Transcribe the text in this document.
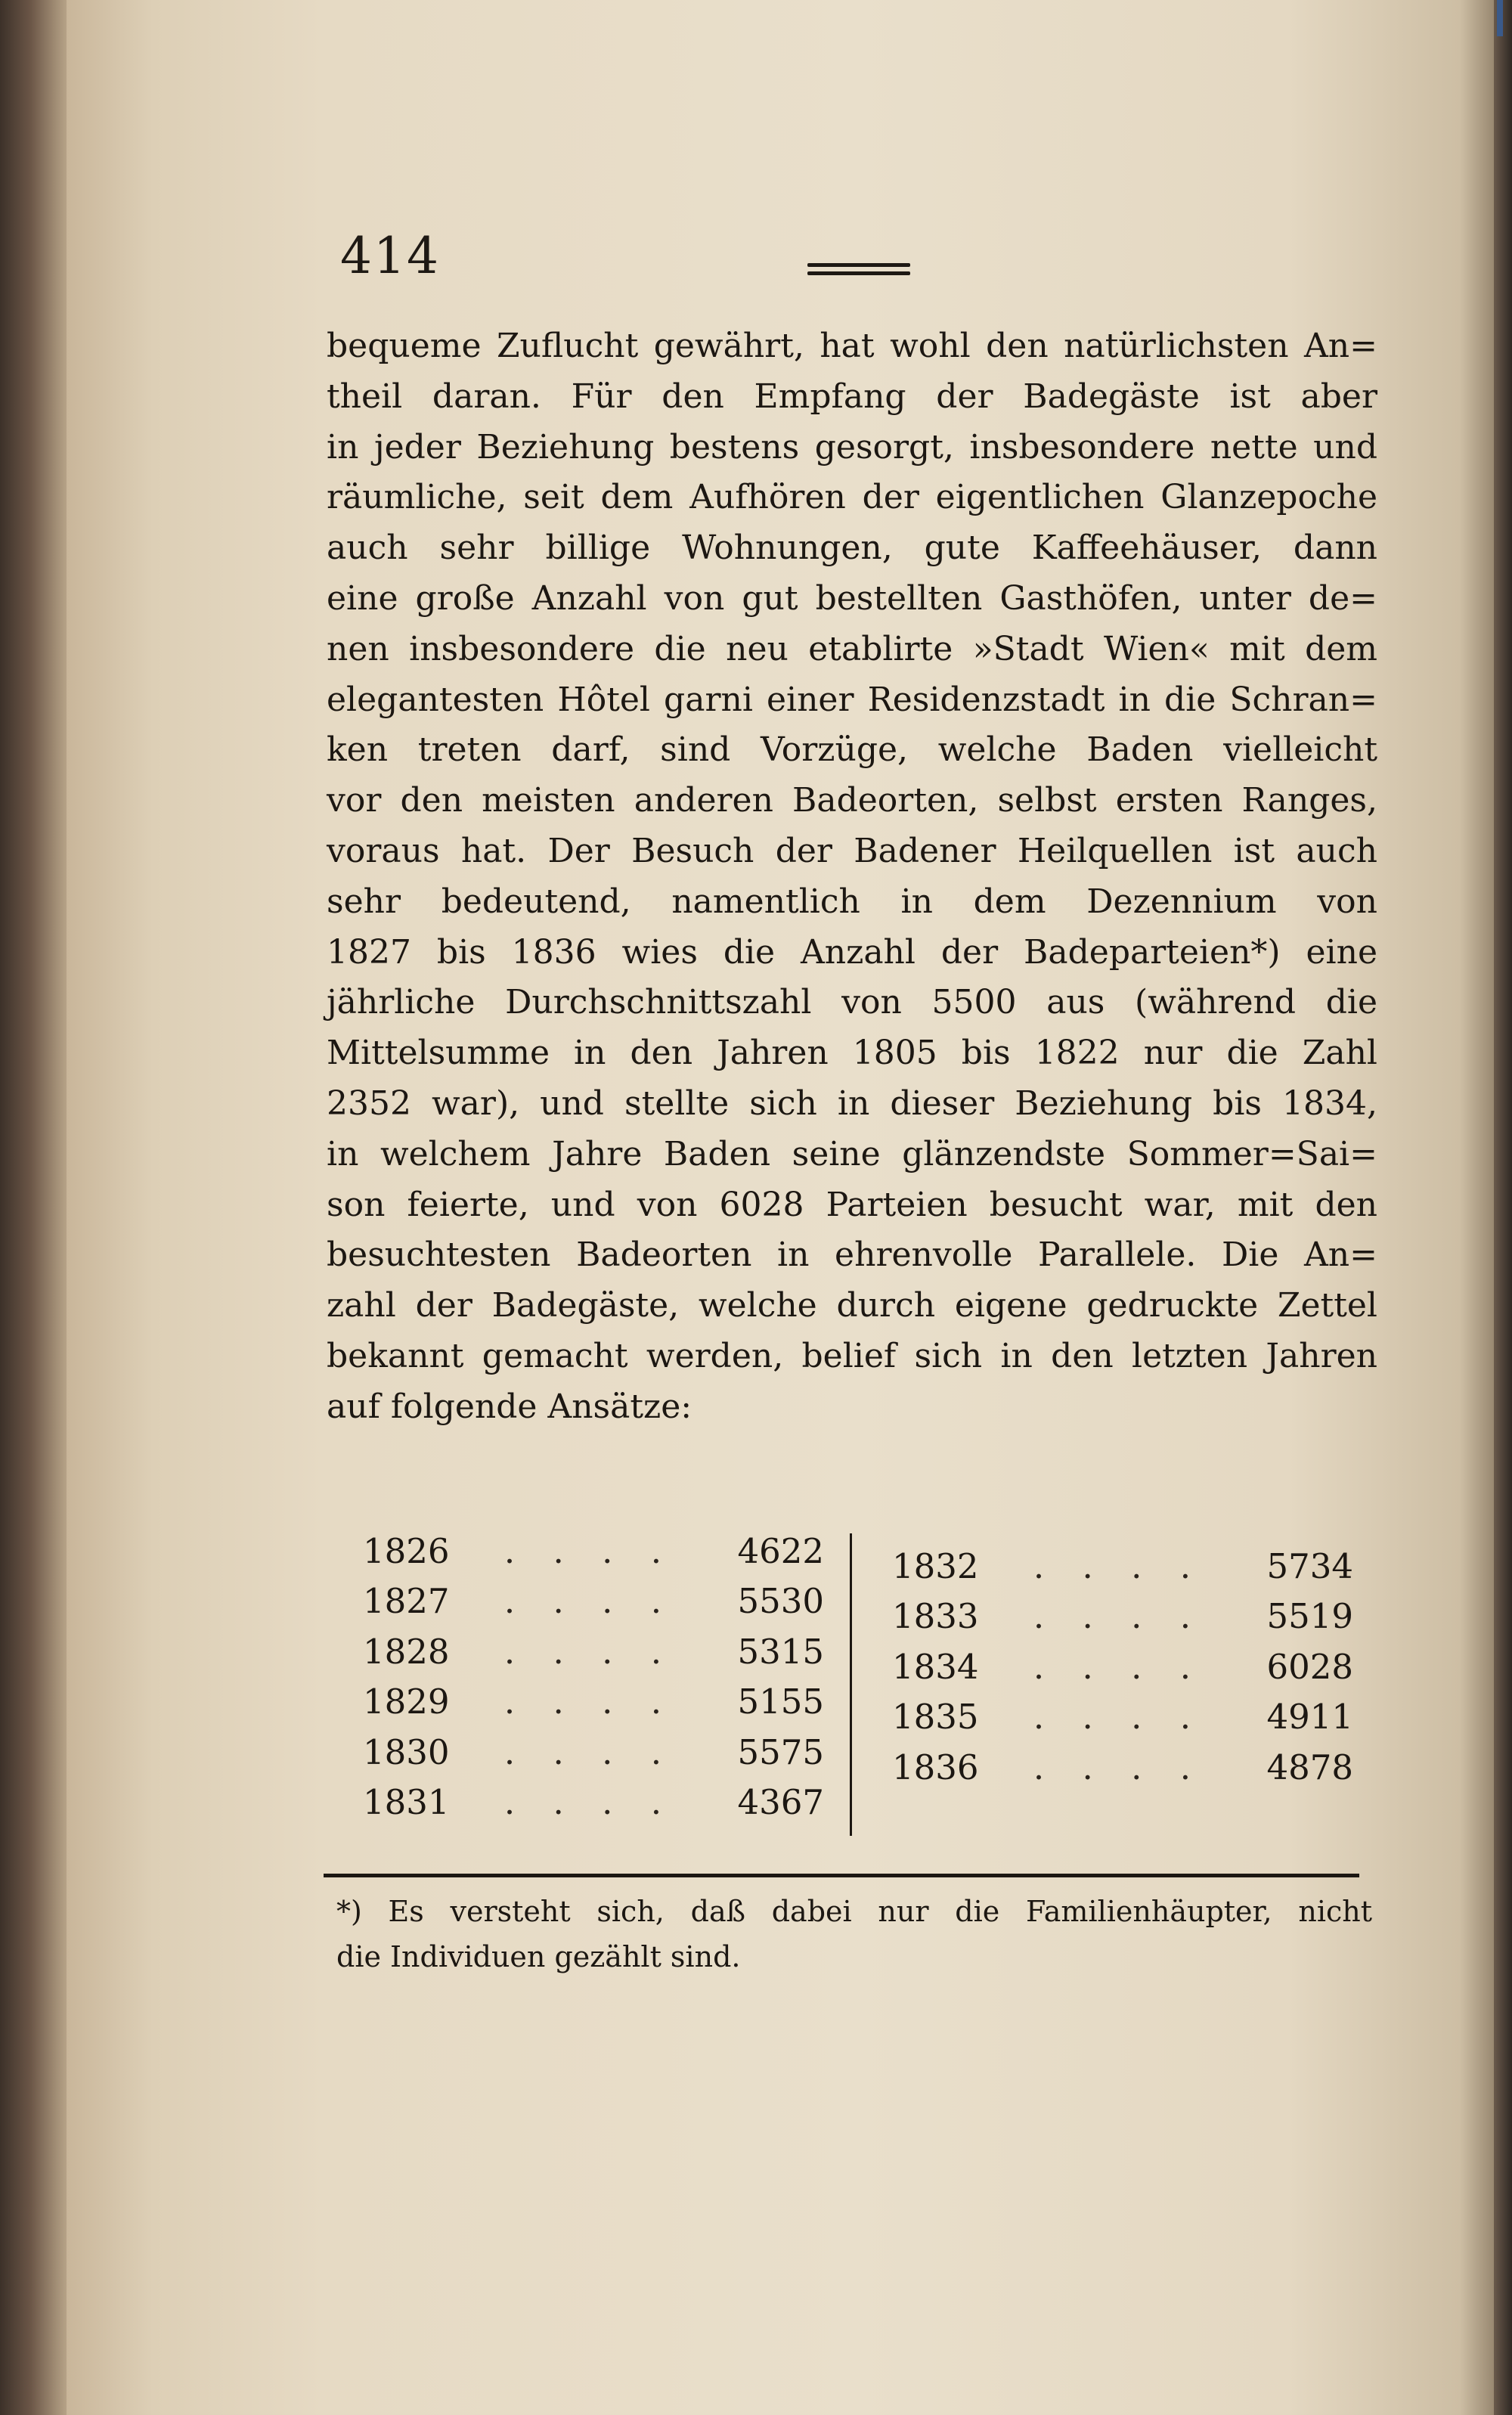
414
bequeme Zuflucht gewährt, hat wohl den natürlichsten An=
theil daran. Für den Empfang der Badegäste ist aber
in jeder Beziehung bestens gesorgt, insbesondere nette und
räumliche, seit dem Aufhören der eigentlichen Glanzepoche
auch sehr billige Wohnungen, gute Kaffeehäuser, dann
eine große Anzahl von gut bestellten Gasthöfen, unter de=
nen insbesondere die neu etablirte »Stadt Wien« mit dem
elegantesten Hôtel garni einer Residenzstadt in die Schran=
ken treten darf, sind Vorzüge, welche Baden vielleicht
vor den meisten anderen Badeorten, selbst ersten Ranges,
voraus hat. Der Besuch der Badener Heilquellen ist auch
sehr bedeutend, namentlich in dem Dezennium von
1827 bis 1836 wies die Anzahl der Badeparteien*) eine
jährliche Durchschnittszahl von 5500 aus (während die
Mittelsumme in den Jahren 1805 bis 1822 nur die Zahl
2352 war), und stellte sich in dieser Beziehung bis 1834,
in welchem Jahre Baden seine glänzendste Sommer=Sai=
son feierte, und von 6028 Parteien besucht war, mit den
besuchtesten Badeorten in ehrenvolle Parallele. Die An=
zahl der Badegäste, welche durch eigene gedruckte Zettel
bekannt gemacht werden, belief sich in den letzten Jahren
auf folgende Ansätze:
1826	. . . .	4622
1827	. . . .	5530
1828	. . . .	5315
1829	. . . .	5155
1830	. . . .	5575
1831	. . . .	4367
1832	. . . .	5734
1833	. . . .	5519
1834	. . . .	6028
1835	. . . .	4911
1836	. . . .	4878
*) Es versteht sich, daß dabei nur die Familienhäupter, nicht
die Individuen gezählt sind.
